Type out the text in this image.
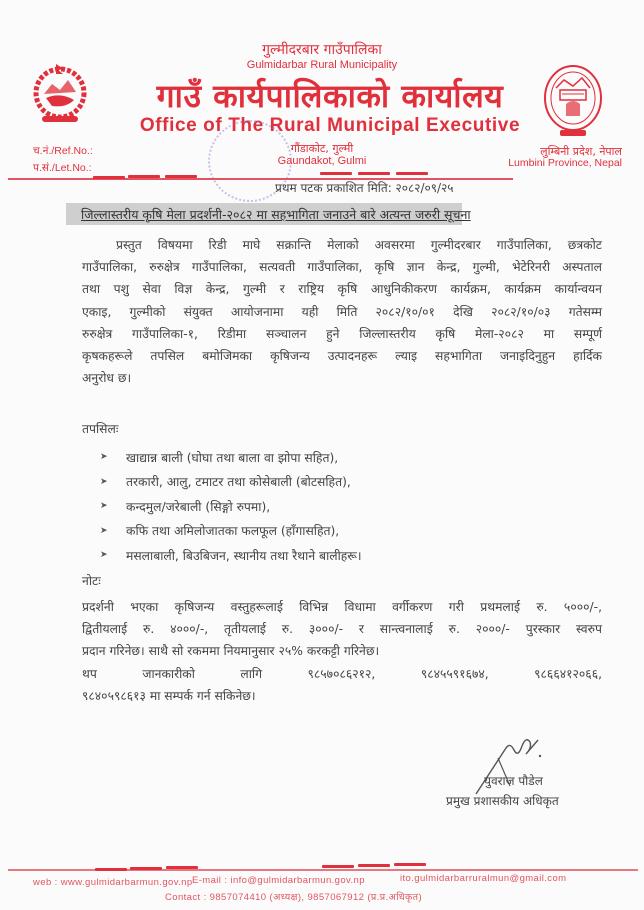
गुल्मीदरबार गाउँपालिका
Gulmidarbar Rural Municipality
गाउँ कार्यपालिकाको कार्यालय
Office of The Rural Municipal Executive
गौंडाकोट, गुल्मी
Gaundakot, Gulmi
च.नं./Ref.No.:
प.सं./Let.No.:
लुम्बिनी प्रदेश, नेपाल
Lumbini Province, Nepal
प्रथम पटक प्रकाशित मिति: २०८२/०९/२५
जिल्लास्तरीय कृषि मेला प्रदर्शनी-२०८२ मा सहभागिता जनाउने बारे अत्यन्त जरुरी सूचना
प्रस्तुत विषयमा रिडी माघे सक्रान्ति मेलाको अवसरमा गुल्मीदरबार गाउँपालिका, छत्रकोट
गाउँपालिका, रुरुक्षेत्र गाउँपालिका, सत्यवती गाउँपालिका, कृषि ज्ञान केन्द्र, गुल्मी, भेटेरिनरी अस्पताल
तथा पशु सेवा विज्ञ केन्द्र, गुल्मी र राष्ट्रिय कृषि आधुनिकीकरण कार्यक्रम, कार्यक्रम कार्यान्वयन
एकाइ, गुल्मीको संयुक्त आयोजनामा यही मिति २०८२/१०/०१ देखि २०८२/१०/०३ गतेसम्म
रुरुक्षेत्र गाउँपालिका-१, रिडीमा सञ्चालन हुने जिल्लास्तरीय कृषि मेला-२०८२ मा सम्पूर्ण
कृषकहरूले तपसिल बमोजिमका कृषिजन्य उत्पादनहरू ल्याइ सहभागिता जनाइदिनुहुन हार्दिक
अनुरोध छ।
तपसिलः
➤	खाद्यान्न बाली (घोघा तथा बाला वा झोपा सहित),
➤	तरकारी, आलु, टमाटर तथा कोसेबाली (बोटसहित),
➤	कन्दमुल/जरेबाली (सिङ्गो रुपमा),
➤	कफि तथा अमिलोजातका फलफूल (हाँगासहित),
➤	मसलाबाली, बिउबिजन, स्थानीय तथा रैथाने बालीहरू।
नोटः
प्रदर्शनी भएका कृषिजन्य वस्तुहरूलाई विभिन्न विधामा वर्गीकरण गरी प्रथमलाई रु. ५०००/-,
द्वितीयलाई रु. ४०००/-, तृतीयलाई रु. ३०००/- र सान्त्वनालाई रु. २०००/- पुरस्कार स्वरुप
प्रदान गरिनेछ। साथै सो रकममा नियमानुसार २५% करकट्टी गरिनेछ।
थप जानकारीको लागि ९८५७०८६२१२, ९८४५५९१६७४, ९८६६४१२०६६,
९८४०५९८६१३ मा सम्पर्क गर्न सकिनेछ।
युवराज पौडेल
प्रमुख प्रशासकीय अधिकृत
web : www.gulmidarbarmun.gov.np E-mail : info@gulmidarbarmun.gov.np	ito.gulmidarbarruralmun@gmail.com
Contact : 9857074410 (अध्यक्ष), 9857067912 (प्र.प्र.अधिकृत)
